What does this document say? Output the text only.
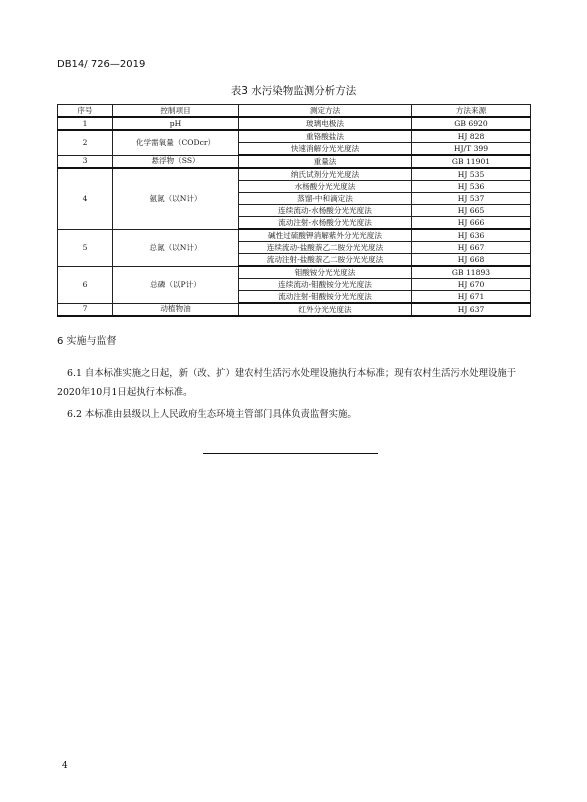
DB14/ 726—2019
表3 水污染物监测分析方法
序号	控制项目	测定方法	方法来源
1	pH	玻璃电极法	GB 6920
2	化学需氧量（CODcr）	重铬酸盐法	HJ 828
		快速消解分光光度法	HJ/T 399
3	悬浮物（SS）	重量法	GB 11901
4	氨氮（以N计）	纳氏试剂分光光度法	HJ 535
		水杨酸分光光度法	HJ 536
		蒸馏-中和滴定法	HJ 537
		连续流动-水杨酸分光光度法	HJ 665
		流动注射-水杨酸分光光度法	HJ 666
5	总氮（以N计）	碱性过硫酸钾消解紫外分光光度法	HJ 636
		连续流动-盐酸萘乙二胺分光光度法	HJ 667
		流动注射-盐酸萘乙二胺分光光度法	HJ 668
6	总磷（以P计）	钼酸铵分光光度法	GB 11893
		连续流动-钼酸铵分光光度法	HJ 670
		流动注射-钼酸铵分光光度法	HJ 671
7	动植物油	红外分光光度法	HJ 637
6 实施与监督
6.1 自本标准实施之日起，新（改、扩）建农村生活污水处理设施执行本标准；现有农村生活污水处理设施于2020年10月1日起执行本标准。
6.2 本标准由县级以上人民政府生态环境主管部门具体负责监督实施。
4
